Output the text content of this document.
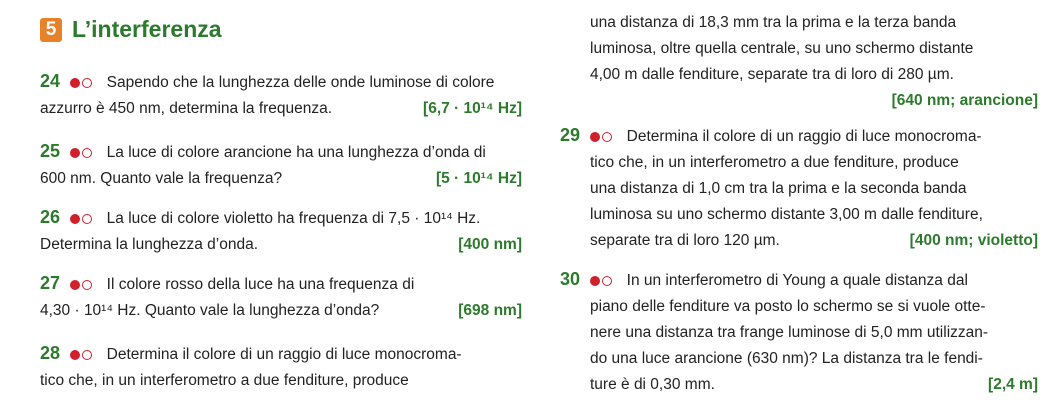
5 L’interferenza
24	Sapendo che la lunghezza delle onde luminose di colore
azzurro è 450 nm, determina la frequenza.	[6,7 · 10¹⁴ Hz]
25	La luce di colore arancione ha una lunghezza d’onda di
600 nm. Quanto vale la frequenza?	[5 · 10¹⁴ Hz]
26	La luce di colore violetto ha frequenza di 7,5 · 10¹⁴ Hz.
Determina la lunghezza d’onda.	[400 nm]
27	Il colore rosso della luce ha una frequenza di
4,30 · 10¹⁴ Hz. Quanto vale la lunghezza d’onda?	[698 nm]
28	Determina il colore di un raggio di luce monocroma-
tico che, in un interferometro a due fenditure, produce
una distanza di 18,3 mm tra la prima e la terza banda
luminosa, oltre quella centrale, su uno schermo distante
4,00 m dalle fenditure, separate tra di loro di 280 µm.
[640 nm; arancione]
29	Determina il colore di un raggio di luce monocroma-
tico che, in un interferometro a due fenditure, produce
una distanza di 1,0 cm tra la prima e la seconda banda
luminosa su uno schermo distante 3,00 m dalle fenditure,
separate tra di loro 120 µm.	[400 nm; violetto]
30	In un interferometro di Young a quale distanza dal
piano delle fenditure va posto lo schermo se si vuole otte-
nere una distanza tra frange luminose di 5,0 mm utilizzan-
do una luce arancione (630 nm)? La distanza tra le fendi-
ture è di 0,30 mm.	[2,4 m]
